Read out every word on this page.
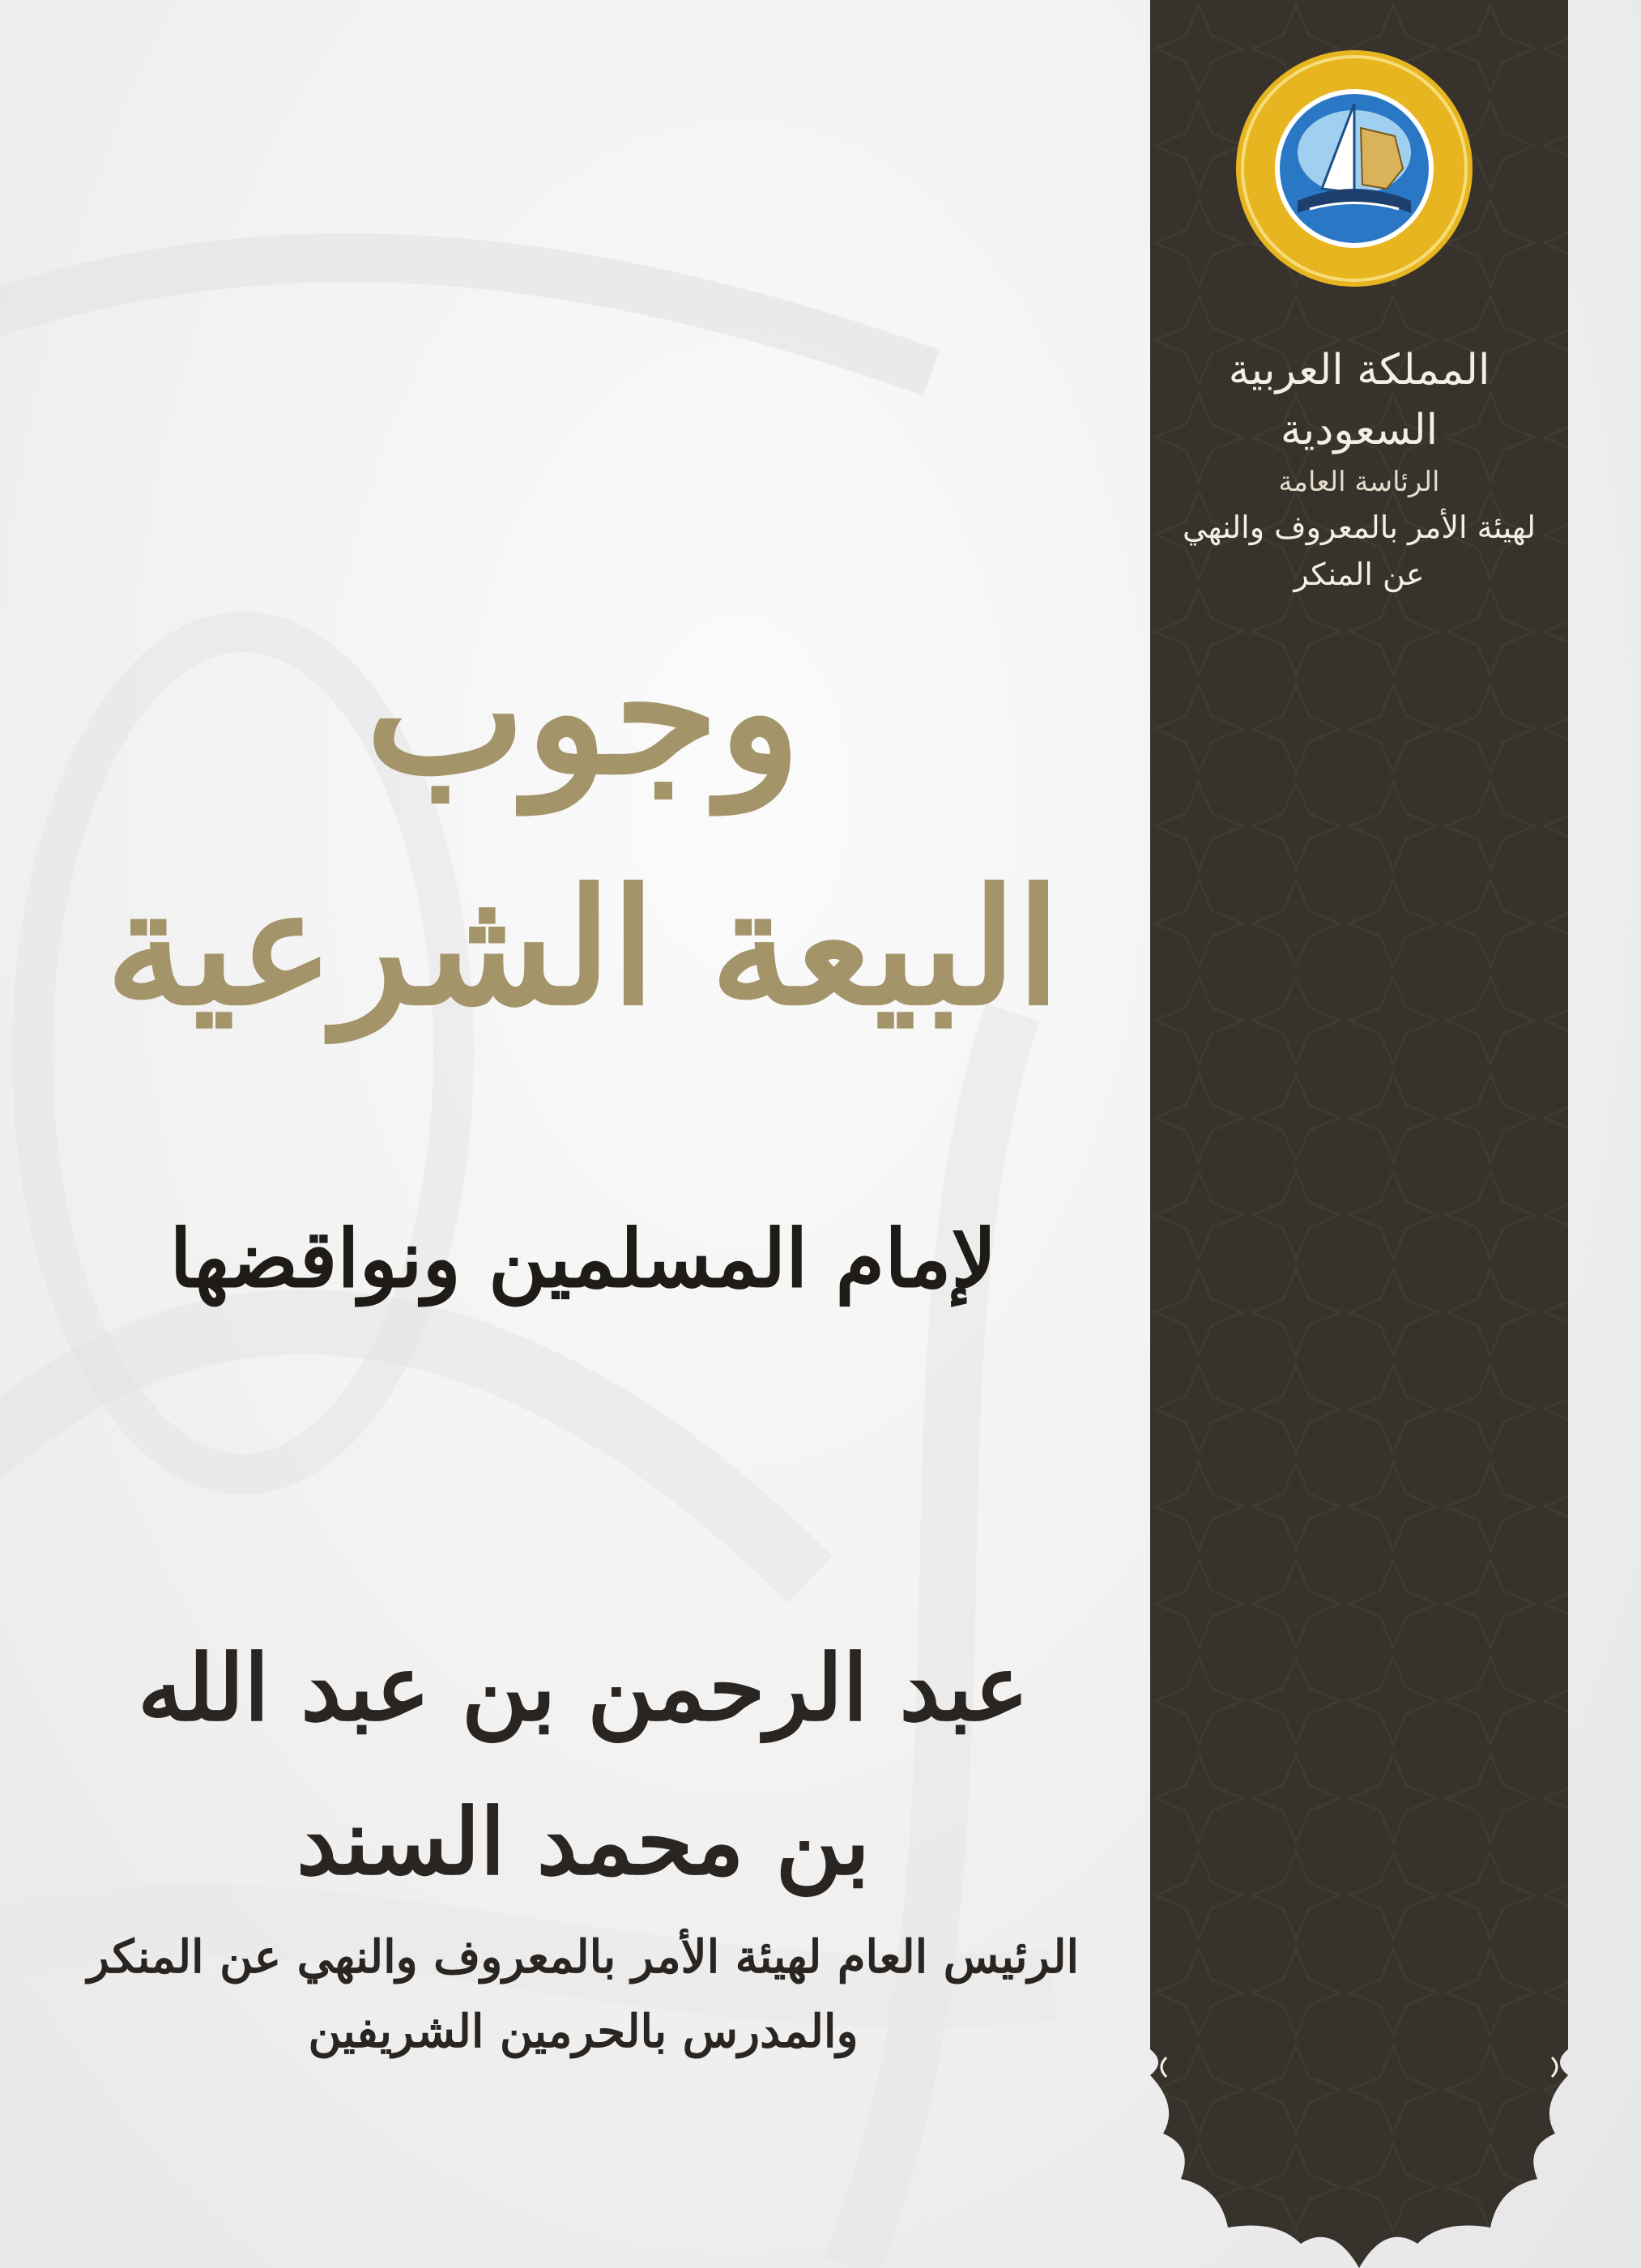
المملكة العربية السعودية
الرئاسة العامة
لهيئة الأمر بالمعروف والنهي عن المنكر
وجوب
البيعة الشرعية
لإمام المسلمين ونواقضها
عبد الرحمن بن عبد الله بن محمد السند
الرئيس العام لهيئة الأمر بالمعروف والنهي عن المنكر
والمدرس بالحرمين الشريفين
